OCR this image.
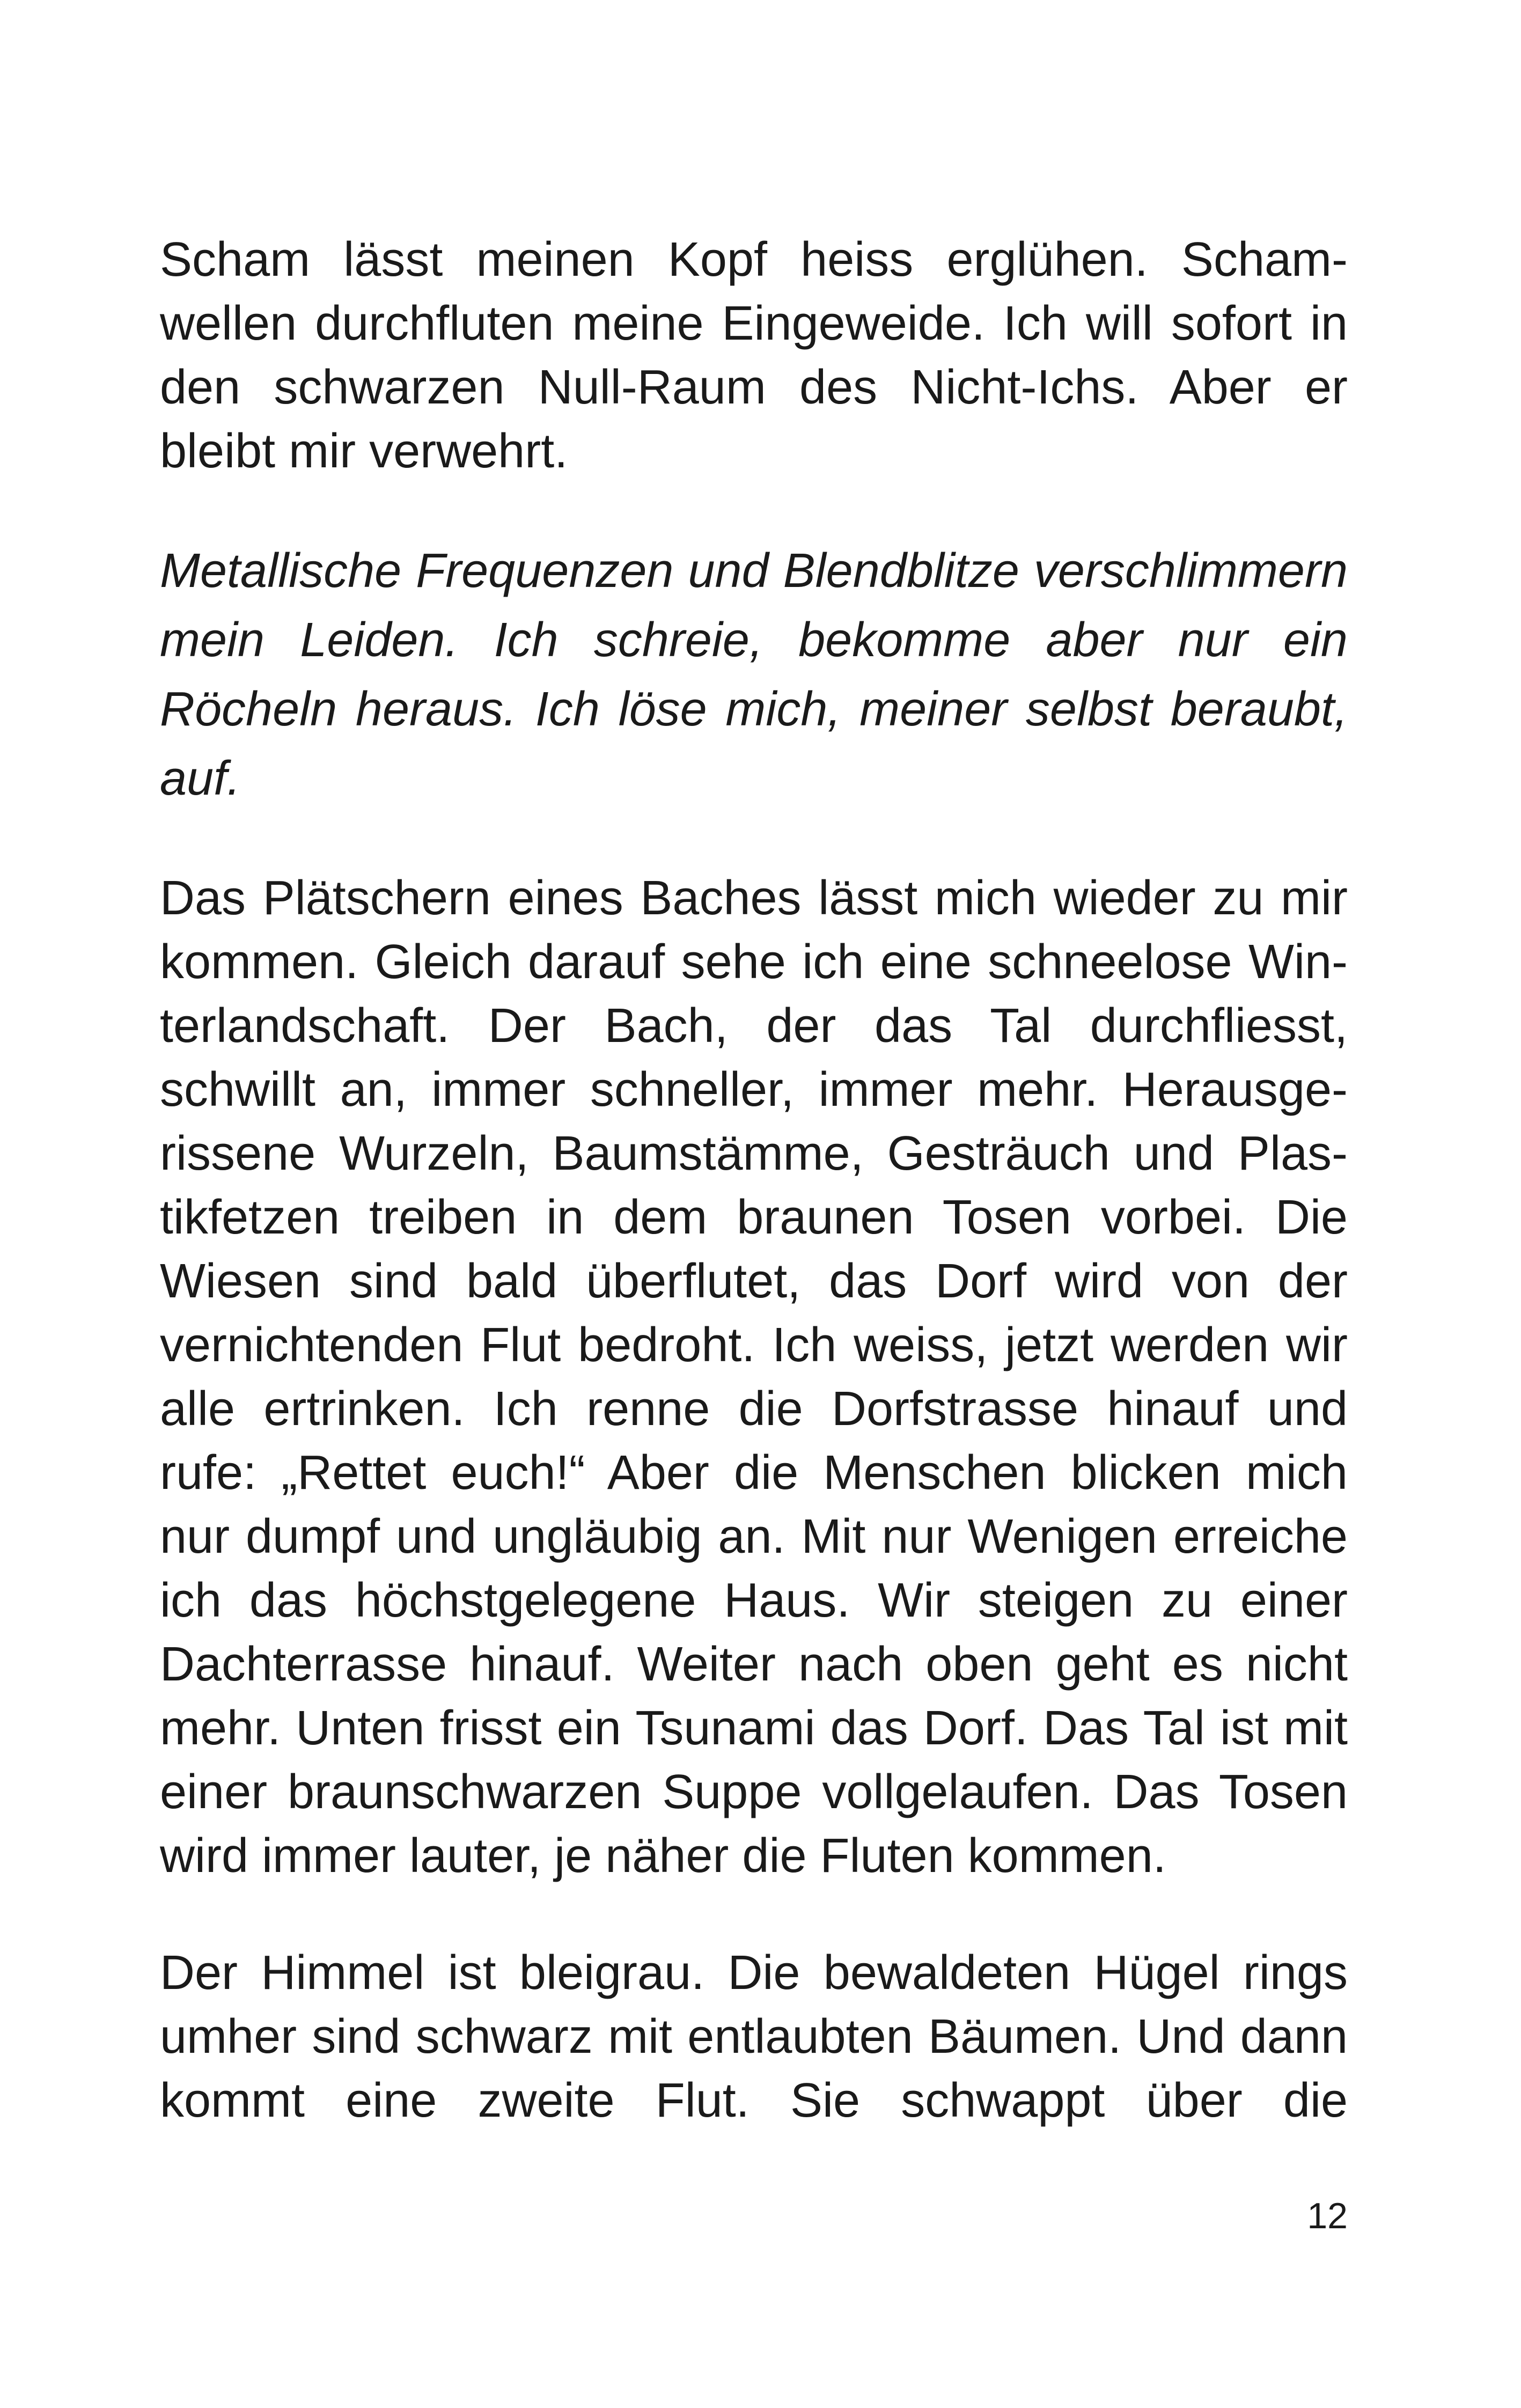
Scham lässt meinen Kopf heiss erglühen. Schamwellen durchfluten meine Eingeweide. Ich will sofort in den schwarzen Null-Raum des Nicht-Ichs. Aber er bleibt mir verwehrt.

Metallische Frequenzen und Blendblitze verschlimmern mein Leiden. Ich schreie, bekomme aber nur ein Röcheln heraus. Ich löse mich, meiner selbst beraubt, auf.

Das Plätschern eines Baches lässt mich wieder zu mir kommen. Gleich darauf sehe ich eine schneelose Winterlandschaft. Der Bach, der das Tal durchfliesst, schwillt an, immer schneller, immer mehr. Herausgerissene Wurzeln, Baumstämme, Gesträuch und Plastikfetzen treiben in dem braunen Tosen vorbei. Die Wiesen sind bald überflutet, das Dorf wird von der vernichtenden Flut bedroht. Ich weiss, jetzt werden wir alle ertrinken. Ich renne die Dorfstrasse hinauf und rufe: „Rettet euch!“ Aber die Menschen blicken mich nur dumpf und ungläubig an. Mit nur Wenigen erreiche ich das höchstgelegene Haus. Wir steigen zu einer Dachterrasse hinauf. Weiter nach oben geht es nicht mehr. Unten frisst ein Tsunami das Dorf. Das Tal ist mit einer braunschwarzen Suppe vollgelaufen. Das Tosen wird immer lauter, je näher die Fluten kommen.

Der Himmel ist bleigrau. Die bewaldeten Hügel rings umher sind schwarz mit entlaubten Bäumen. Und dann kommt eine zweite Flut. Sie schwappt über die

12
